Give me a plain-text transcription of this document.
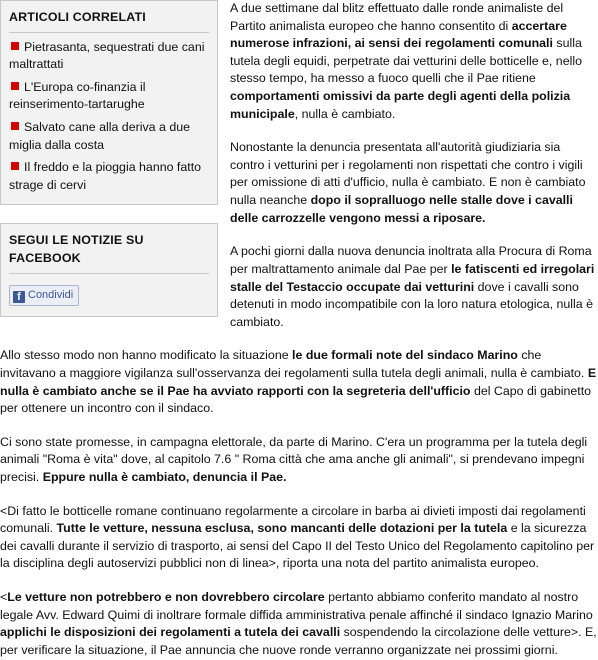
ARTICOLI CORRELATI
Pietrasanta, sequestrati due cani maltrattati
L'Europa co-finanzia il reinserimento-tartarughe
Salvato cane alla deriva a due miglia dalla costa
Il freddo e la pioggia hanno fatto strage di cervi
SEGUI LE NOTIZIE SU FACEBOOK
f Condividi

A due settimane dal blitz effettuato dalle ronde animaliste del Partito animalista europeo che hanno consentito di accertare numerose infrazioni, ai sensi dei regolamenti comunali sulla tutela degli equidi, perpetrate dai vetturini delle botticelle e, nello stesso tempo, ha messo a fuoco quelli che il Pae ritiene comportamenti omissivi da parte degli agenti della polizia municipale, nulla è cambiato.

Nonostante la denuncia presentata all'autorità giudiziaria sia contro i vetturini per i regolamenti non rispettati che contro i vigili per omissione di atti d'ufficio, nulla è cambiato. E non è cambiato nulla neanche dopo il sopralluogo nelle stalle dove i cavalli delle carrozzelle vengono messi a riposare.

A pochi giorni dalla nuova denuncia inoltrata alla Procura di Roma per maltrattamento animale dal Pae per le fatiscenti ed irregolari stalle del Testaccio occupate dai vetturini dove i cavalli sono detenuti in modo incompatibile con la loro natura etologica, nulla è cambiato.

Allo stesso modo non hanno modificato la situazione le due formali note del sindaco Marino che invitavano a maggiore vigilanza sull'osservanza dei regolamenti sulla tutela degli animali, nulla è cambiato. E nulla è cambiato anche se il Pae ha avviato rapporti con la segreteria dell'ufficio del Capo di gabinetto per ottenere un incontro con il sindaco.

Ci sono state promesse, in campagna elettorale, da parte di Marino. C'era un programma per la tutela degli animali "Roma è vita" dove, al capitolo 7.6 " Roma città che ama anche gli animali", si prendevano impegni precisi. Eppure nulla è cambiato, denuncia il Pae.

<Di fatto le botticelle romane continuano regolarmente a circolare in barba ai divieti imposti dai regolamenti comunali. Tutte le vetture, nessuna esclusa, sono mancanti delle dotazioni per la tutela e la sicurezza dei cavalli durante il servizio di trasporto, ai sensi del Capo II del Testo Unico del Regolamento capitolino per la disciplina degli autoservizi pubblici non di linea>, riporta una nota del partito animalista europeo.

<Le vetture non potrebbero e non dovrebbero circolare pertanto abbiamo conferito mandato al nostro legale Avv. Edward Quimi di inoltrare formale diffida amministrativa penale affinché il sindaco Ignazio Marino applichi le disposizioni dei regolamenti a tutela dei cavalli sospendendo la circolazione delle vetture>. E, per verificare la situazione, il Pae annuncia che nuove ronde verranno organizzate nei prossimi giorni.
